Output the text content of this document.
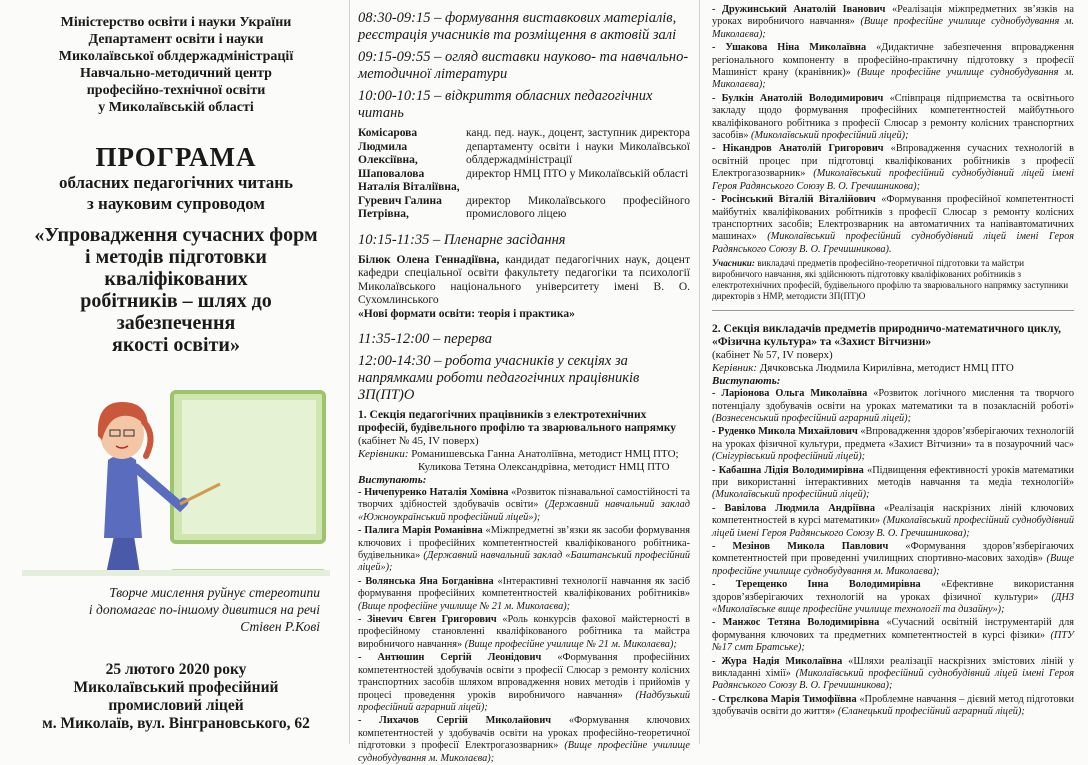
Міністерство освіти і науки України
Департамент освіти і науки
Миколаївської облдержадміністрації
Навчально-методичний центр
професійно-технічної освіти
у Миколаївській області
ПРОГРАМА
обласних педагогічних читань
з науковим супроводом
«Упровадження сучасних форм
і методів підготовки кваліфікованих
робітників – шлях до забезпечення
якості освіти»
Творче мислення руйнує стереотипи
і допомагає по-іншому дивитися на речі
Стівен Р.Кові
25 лютого 2020 року
Миколаївський професійний
промисловий ліцей
м. Миколаїв, вул. Вінграновського, 62
08:30-09:15 – формування виставкових матеріалів, реєстрація учасників та розміщення в актовій залі
09:15-09:55 – огляд виставки науково- та навчально-методичної літератури
10:00-10:15 – відкриття обласних педагогічних читань
Комісарова Людмила Олексіївна,
канд. пед. наук., доцент, заступник директора департаменту освіти і науки Миколаївської облдержадміністрації
Шаповалова Наталія Віталіївна,
директор НМЦ ПТО у Миколаївській області
Гуревич Галина Петрівна,
директор Миколаївського професійного промислового ліцею
10:15-11:35 – Пленарне засідання
Білюк Олена Геннадіївна, кандидат педагогічних наук, доцент кафедри спеціальної освіти факультету педагогіки та психології Миколаївського національного університету імені В. О. Сухомлинського
«Нові формати освіти: теорія і практика»
11:35-12:00 – перерва
12:00-14:30 – робота учасників у секціях за напрямками роботи педагогічних працівників ЗП(ПТ)О
1. Секція педагогічних працівників з електротехнічних професій, будівельного профілю та зварювального напрямку
(кабінет № 45, IV поверх)
Керівники: Романишевська Ганна Анатоліївна, методист НМЦ ПТО;
Куликова Тетяна Олександрівна, методист НМЦ ПТО
Виступають:
- Ничепуренко Наталія Хомівна «Розвиток пізнавальної самостійності та творчих здібностей здобувачів освіти» (Державний навчальний заклад «Южноукраїнський професійний ліцей»);
- Палига Марія Романівна «Міжпредметні зв’язки як засоби формування ключових і професійних компетентностей кваліфікованого робітника-будівельника» (Державний навчальний заклад «Баштанський професійний ліцей»);
- Волянська Яна Богданівна «Інтерактивні технології навчання як засіб формування професійних компетентностей кваліфікованих робітників» (Вище професійне училище № 21 м. Миколаєва);
- Зінevич Євген Григорович «Роль конкурсів фахової майстерності в професійному становленні кваліфікованого робітника та майстра виробничого навчання» (Вище професійне училище № 21 м. Миколаєва);
- Антюшин Сергій Леонідович «Формування професійних компетентностей здобувачів освіти з професії Слюсар з ремонту колісних транспортних засобів шляхом впровадження нових методів і прийомів у процесі проведення уроків виробничого навчання» (Надбузький професійний аграрний ліцей);
- Лихачов Сергій Миколайович «Формування ключових компетентностей у здобувачів освіти на уроках професійно-теоретичної підготовки з професії Електрогазозварник» (Вище професійне училище суднобудування м. Миколаєва);
- Дружинський Анатолій Іванович «Реалізація міжпредметних зв’язків на уроках виробничого навчання» (Вище професійне училище суднобудування м. Миколаєва);
- Ушакова Ніна Миколаївна «Дидактичне забезпечення впровадження регіонального компоненту в професійно-практичну підготовку з професії Машиніст крану (кранівник)» (Вище професійне училище суднобудування м. Миколаєва);
- Булкін Анатолій Володимирович «Співпраця підприємства та освітнього закладу щодо формування професійних компетентностей майбутнього кваліфікованого робітника з професії Слюсар з ремонту колісних транспортних засобів» (Миколаївський професійний ліцей);
- Нікандров Анатолій Григорович «Впровадження сучасних технологій в освітній процес при підготовці кваліфікованих робітників з професії Електрогазозварник» (Миколаївський професійний суднобудівний ліцей імені Героя Радянського Союзу В. О. Гречишникова);
- Росінський Віталій Віталійович «Формування професійної компетентності майбутніх кваліфікованих робітників з професії Слюсар з ремонту колісних транспортних засобів; Електрозварник на автоматичних та напівавтоматичних машинах» (Миколаївський професійний суднобудівний ліцей імені Героя Радянського Союзу В. О. Гречишникова).
Учасники: викладачі предметів професійно-теоретичної підготовки та майстри виробничого навчання, які здійснюють підготовку кваліфікованих робітників з електротехнічних професій, будівельного профілю та зварювального напрямку заступники директорів з НМР, методисти ЗП(ПТ)О
2. Секція викладачів предметів природничо-математичного циклу, «Фізична культура» та «Захист Вітчизни»
(кабінет № 57, IV поверх)
Керівник: Дячковська Людмила Кирилівна, методист НМЦ ПТО
Виступають:
- Ларіонова Ольга Миколаївна «Розвиток логічного мислення та творчого потенціалу здобувачів освіти на уроках математики та в позакласній роботі» (Вознесенський професійний аграрний ліцей);
- Руденко Микола Михайлович «Впровадження здоров’язберігаючих технологій на уроках фізичної культури, предмета «Захист Вітчизни» та в позаурочний час» (Снігурівський професійний ліцей);
- Кабашна Лідія Володимирівна «Підвищення ефективності уроків математики при використанні інтерактивних методів навчання та медіа технологій» (Миколаївський професійний ліцей);
- Вавілова Людмила Андріївна «Реалізація наскрізних ліній ключових компетентностей в курсі математики» (Миколаївський професійний суднобудівний ліцей імені Героя Радянського Союзу В. О. Гречишникова);
- Мезінов Микола Павлович «Формування здоров’язберігаючих компетентностей при проведенні училищних спортивно-масових заходів» (Вище професійне училище суднобудування м. Миколаєва);
- Терещенко Інна Володимирівна «Ефективне використання здоров’язберігаючих технологій на уроках фізичної культури» (ДНЗ «Миколаївське вище професійне училище технології та дизайну»);
- Манжос Тетяна Володимирівна «Сучасний освітній інструментарій для формування ключових та предметних компетентностей в курсі фізики» (ПТУ №17 смт Братське);
- Жура Надія Миколаївна «Шляхи реалізації наскрізних змістових ліній у викладанні хімії» (Миколаївський професійний суднобудівний ліцей імені Героя Радянського Союзу В. О. Гречишникова);
- Стрєлкова Марія Тимофіївна «Проблемне навчання – дієвий метод підготовки здобувачів освіти до життя» (Єланецький професійний аграрний ліцей);
